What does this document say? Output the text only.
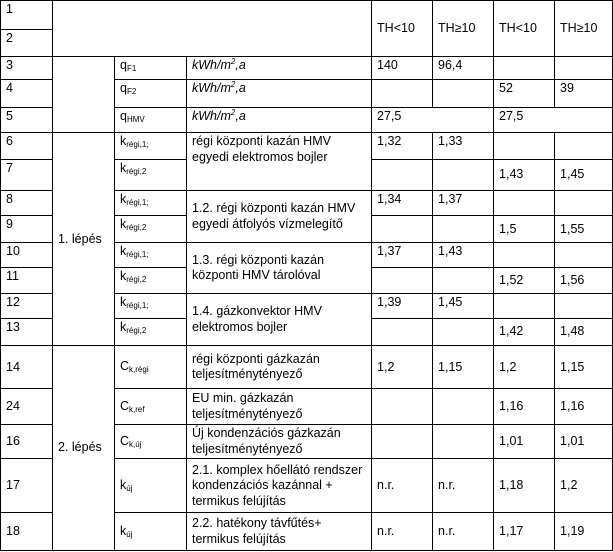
1				TH<10	TH≥10	TH<10	TH≥10
2							
3		qF1	kWh/$m^2,a$	140	96,4		
4		qF2	kWh/$m^2,a$			52	39
5		qHMV	kWh/$m^2,a$	27,5		27,5	
6	1. lépés	krégi,1;	régi központi kazán HMV egyedi elektromos bojler	1,32	1,33		
7		krégi,2				1,43	1,45
8		krégi,1;	1.2. régi központi kazán HMV egyedi átfolyós vízmelegítő	1,34	1,37		
9		krégi,2				1,5	1,55
10		krégi,1;	1.3. régi központi kazán központi HMV tárolóval	1,37	1,43		
11		krégi,2				1,52	1,56
12		krégi,1;	1.4. gázkonvektor HMV elektromos bojler	1,39	1,45		
13		krégi,2				1,42	1,48
14	2. lépés	Ck,régi	régi központi gázkazán teljesítménytényező	1,2	1,15	1,2	1,15
24		Ck,ref	EU min. gázkazán teljesítménytényező			1,16	1,16
16		Ck,új	Új kondenzációs gázkazán teljesítménytényező			1,01	1,01
17		kúj	2.1. komplex hőellátó rendszer kondenzációs kazánnal + termikus felújítás	n.r.	n.r.	1,18	1,2
18		kúj	2.2. hatékony távfűtés+ termikus felújítás	n.r.	n.r.	1,17	1,19
